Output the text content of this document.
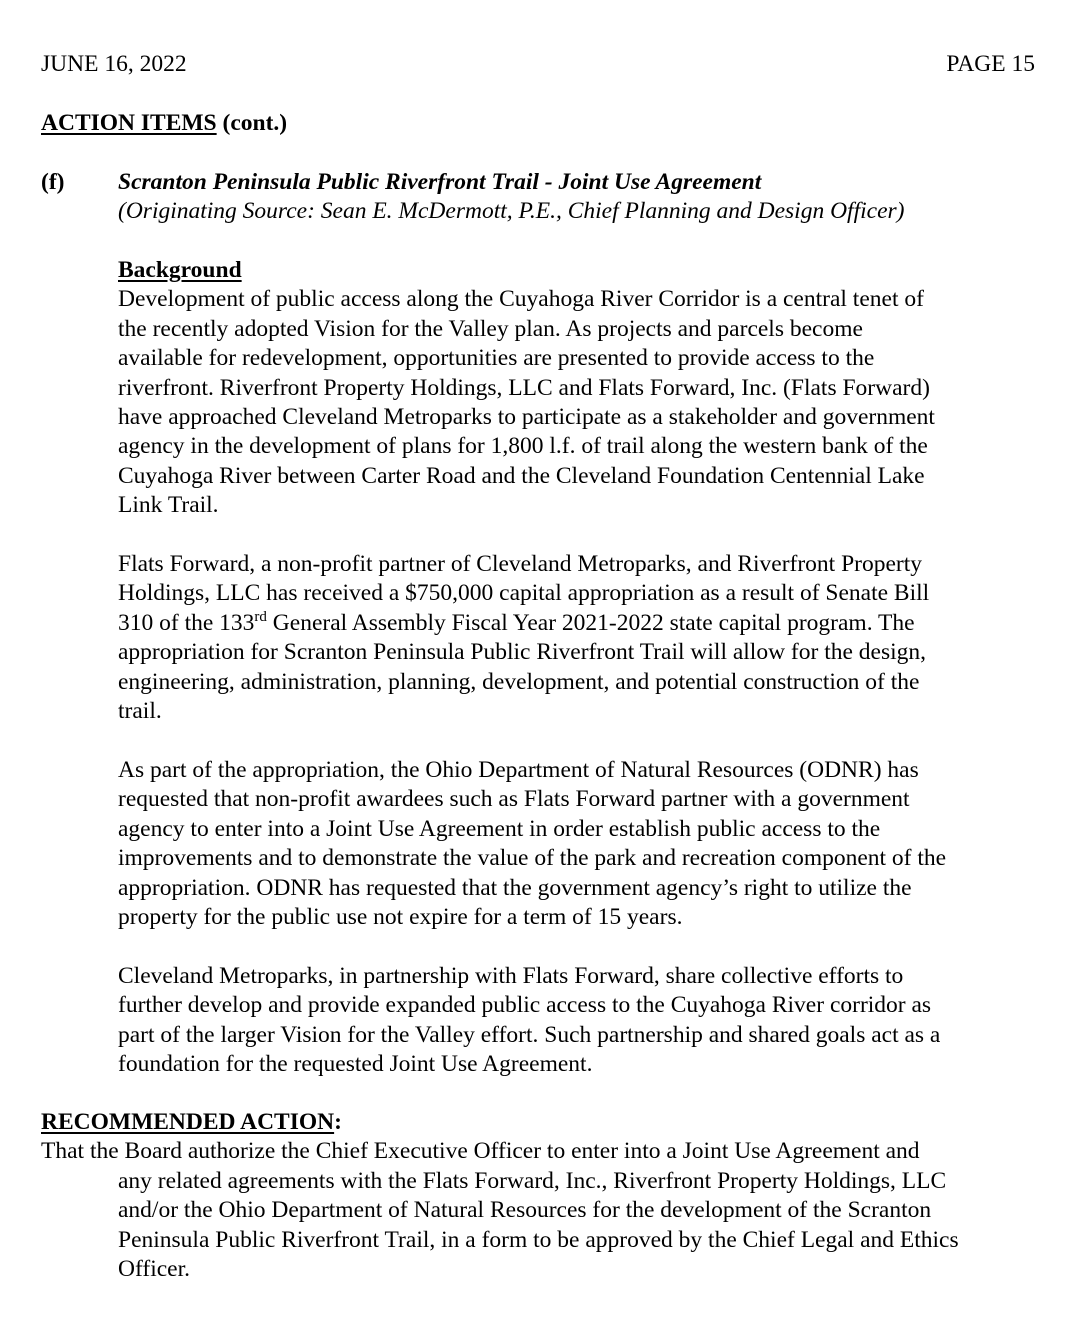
JUNE 16, 2022	PAGE 15
ACTION ITEMS (cont.)
(f) Scranton Peninsula Public Riverfront Trail - Joint Use Agreement
(Originating Source: Sean E. McDermott, P.E., Chief Planning and Design Officer)
Background
Development of public access along the Cuyahoga River Corridor is a central tenet of
the recently adopted Vision for the Valley plan. As projects and parcels become
available for redevelopment, opportunities are presented to provide access to the
riverfront. Riverfront Property Holdings, LLC and Flats Forward, Inc. (Flats Forward)
have approached Cleveland Metroparks to participate as a stakeholder and government
agency in the development of plans for 1,800 l.f. of trail along the western bank of the
Cuyahoga River between Carter Road and the Cleveland Foundation Centennial Lake
Link Trail.
Flats Forward, a non-profit partner of Cleveland Metroparks, and Riverfront Property
Holdings, LLC has received a $750,000 capital appropriation as a result of Senate Bill
310 of the 133rd General Assembly Fiscal Year 2021-2022 state capital program. The
appropriation for Scranton Peninsula Public Riverfront Trail will allow for the design,
engineering, administration, planning, development, and potential construction of the
trail.
As part of the appropriation, the Ohio Department of Natural Resources (ODNR) has
requested that non-profit awardees such as Flats Forward partner with a government
agency to enter into a Joint Use Agreement in order establish public access to the
improvements and to demonstrate the value of the park and recreation component of the
appropriation. ODNR has requested that the government agency’s right to utilize the
property for the public use not expire for a term of 15 years.
Cleveland Metroparks, in partnership with Flats Forward, share collective efforts to
further develop and provide expanded public access to the Cuyahoga River corridor as
part of the larger Vision for the Valley effort. Such partnership and shared goals act as a
foundation for the requested Joint Use Agreement.
RECOMMENDED ACTION:
That the Board authorize the Chief Executive Officer to enter into a Joint Use Agreement and
any related agreements with the Flats Forward, Inc., Riverfront Property Holdings, LLC
and/or the Ohio Department of Natural Resources for the development of the Scranton
Peninsula Public Riverfront Trail, in a form to be approved by the Chief Legal and Ethics
Officer.
